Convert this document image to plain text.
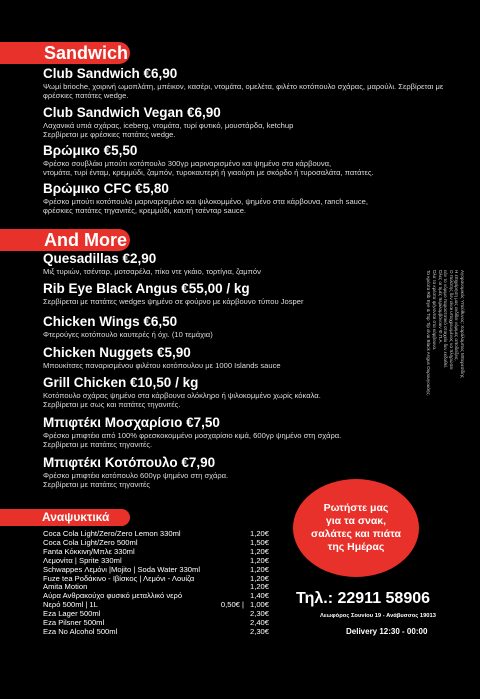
Sandwich
Club Sandwich €6,90

Ψωμί brioche, χοιρινή ωμοπλάτη, μπέικον, κασέρι, ντομάτα, ομελέτα, φιλέτο κοτόπουλο σχάρας, μαρούλι. Σερβίρεται με φρέσκιες πατάτες wedge.

Club Sandwich Vegan €6,90

Λαχανικά υπιά σχάρας, iceberg, ντομάτα, τυρί φυτικό, μουστάρδα, ketchup
Σερβίρεται με φρέσκιες πατάτες wedge.

Βρώμικο €5,50

Φρέσκο σουβλάκι μπούτι κοτόπουλο 300γρ μαριναρισμένο και ψημένο στα κάρβουνα,
ντομάτα, τυρί ένταμ, κρεμμύδι, ζαμπόν, τυροκαυτερή ή γιαούρτι με σκόρδο ή τυροσαλάτα, πατάτες.

Βρώμικο CFC €5,80

Φρέσκο μπούτι κοτόπουλο μαριναρισμένο και ψιλοκομμένο, ψημένο στα κάρβουνα, ranch sauce,
φρέσκιες πατάτες τηγανιτές, κρεμμύδι, καυτή τσένταρ sauce.

And More
Quesadillas €2,90

Μιξ τυριών, τσένταρ, μοτσαρέλα, πίκο ντε γκάιο, τορτίγια, ζαμπόν

Rib Eye Black Angus €55,00 / kg

Σερβίρεται με πατάτες wedges ψημένο σε φούρνο με κάρβουνο τύπου Josper

Chicken Wings €6,50

Φτερούγες κοτόπουλο καυτερές ή όχι. (10 τεμάχια)

Chicken Nuggets €5,90

Μπουκίτσες παναρισμένου φιλέτου κοτόπουλου με 1000 Islands sauce

Grill Chicken €10,50 / kg

Κοτόπουλο σχάρας ψημένο στα κάρβουνα ολόκληρο ή ψιλοκομμένο χωρίς κόκαλα.
Σερβίρεται με σως και πατάτες τηγανιτές.

Μπιφτέκι Μοσχαρίσιο €7,50

Φρέσκο μπιφτέκι από 100% φρεσκοκομμένο μοσχαρίσιο κιμά, 600γρ ψημένο στη σχάρα.
Σερβίρεται με πατάτες τηγανιτές.

Μπιφτέκι Κοτόπουλο €7,90

Φρέσκο μπιφτέκι κοτόπουλο 600γρ ψημένο στη σχάρα.
Σερβίρεται με πατάτες τηγανιτές

Αγορανομικός Υπεύθυνος: Χαράλαμπος Μπερεσίδης
Η επιχείρηση μας εκδίδει νόμιμες αποδείξεις.
Ο πελάτης δεν είναι υποχρεωμένος να πληρώσει
εάν το νόμιμο παραστατικό στοιχείο δεν εκδοθεί.
Όλες οι τιμές περιλαμβάνουν Φ.Π.Α.
Όλα τα κρέατα ψήνονται στα κάρβουνα.
Τα κρέατα Rib Eye & Top Tip είναι Black Angus Ουρουγουάης.
Αναψυκτικά
Coca Cola Light/Zero/Zero Lemon 330ml	1,20€
Coca Cola Light/Zero 500ml	1,50€
Fanta Κόκκινη/Μπλε 330ml	1,20€
Λεμονίτα | Sprite 330ml	1,20€
Schwappes Λεμόνι |Mojito | Soda Water 330ml	1,20€
Fuze tea Ροδάκινο - Ιβίσκος | Λεμόνι - Λουίζα	1,20€
Amita Motion	1,20€
Αύρα Ανθρακούχο φυσικό μεταλλικό νερό	1,40€
Νερό 500ml | 1L	0,50€ | 1,00€
Eza Lager 500ml	2,30€
Eza Pilsner 500ml	2,40€
Eza No Alcohol 500ml	2,30€
Ρωτήστε μας
για τα σνακ,
σαλάτες και πιάτα
της Ημέρας
Τηλ.: 22911 58906
Λεωφόρος Σουνίου 19 - Ανάβυσσος 19013
Delivery 12:30 - 00:00
